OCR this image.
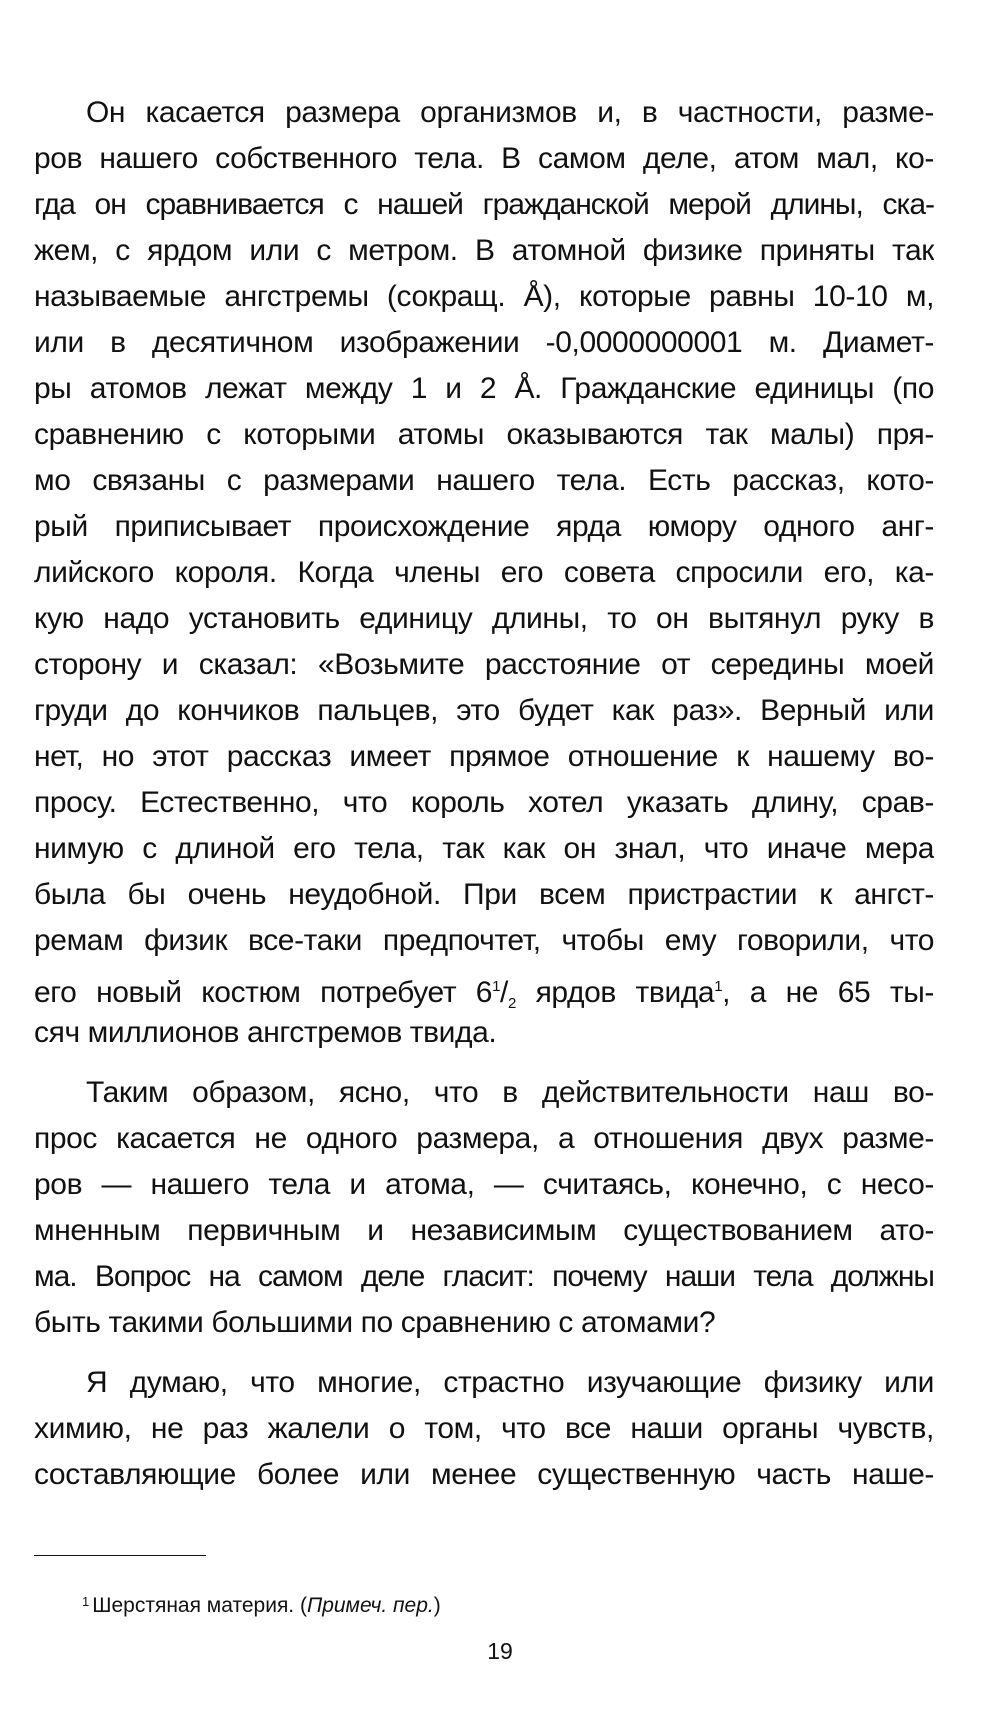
Он касается размера организмов и, в частности, разме-
ров нашего собственного тела. В самом деле, атом мал, ко-
гда он сравнивается с нашей гражданской мерой длины, ска-
жем, с ярдом или с метром. В атомной физике приняты так
называемые ангстремы (сокращ. Å), которые равны 10-10 м,
или в десятичном изображении -0,0000000001 м. Диамет-
ры атомов лежат между 1 и 2 Å. Гражданские единицы (по
сравнению с которыми атомы оказываются так малы) пря-
мо связаны с размерами нашего тела. Есть рассказ, кото-
рый приписывает происхождение ярда юмору одного анг-
лийского короля. Когда члены его совета спросили его, ка-
кую надо установить единицу длины, то он вытянул руку в
сторону и сказал: «Возьмите расстояние от середины моей
груди до кончиков пальцев, это будет как раз». Верный или
нет, но этот рассказ имеет прямое отношение к нашему во-
просу. Естественно, что король хотел указать длину, срав-
нимую с длиной его тела, так как он знал, что иначе мера
была бы очень неудобной. При всем пристрастии к ангст-
ремам физик все-таки предпочтет, чтобы ему говорили, что
его новый костюм потребует $6^1/_2$ ярдов твида$^1$, а не 65 ты-
сяч миллионов ангстремов твида.
Таким образом, ясно, что в действительности наш во-
прос касается не одного размера, а отношения двух разме-
ров — нашего тела и атома, — считаясь, конечно, с несо-
мненным первичным и независимым существованием ато-
ма. Вопрос на самом деле гласит: почему наши тела должны
быть такими большими по сравнению с атомами?
Я думаю, что многие, страстно изучающие физику или
химию, не раз жалели о том, что все наши органы чувств,
составляющие более или менее существенную часть наше-
$^1$ Шерстяная материя. (Примеч. пер.)
19
